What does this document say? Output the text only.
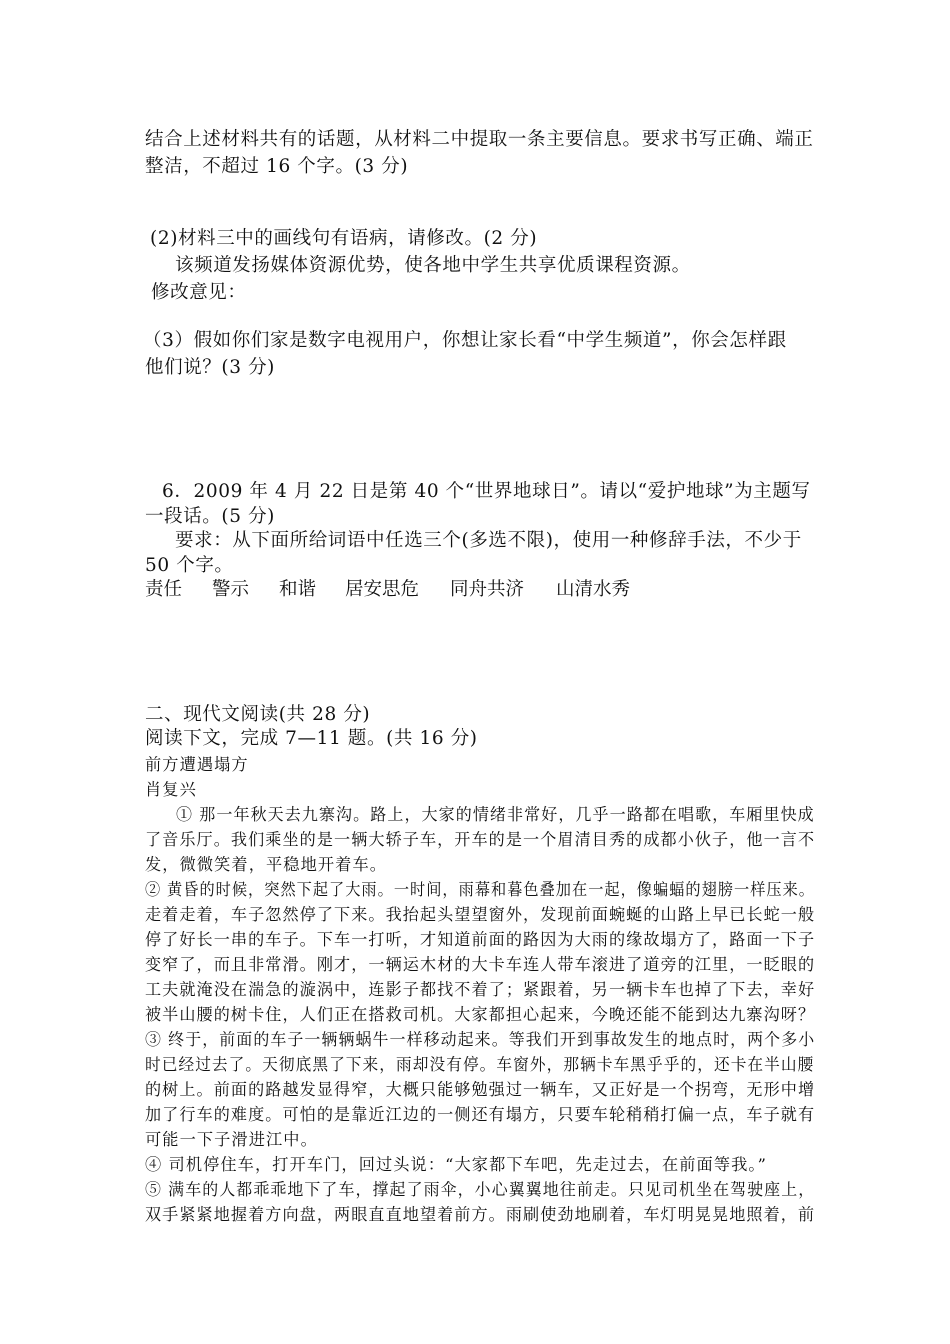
结合上述材料共有的话题，从材料二中提取一条主要信息。要求书写正确、端正
整洁，不超过 16 个字。(3 分)
(2)材料三中的画线句有语病，请修改。(2 分)
该频道发扬媒体资源优势，使各地中学生共享优质课程资源。
修改意见：
（3）假如你们家是数字电视用户，你想让家长看“中学生频道”，你会怎样跟
他们说？(3 分)
6．2009 年 4 月 22 日是第 40 个“世界地球日”。请以“爱护地球”为主题写
一段话。(5 分)
要求：从下面所给词语中任选三个(多选不限)，使用一种修辞手法，不少于
50 个字。
责任 警示 和谐 居安思危 同舟共济 山清水秀
二、现代文阅读(共 28 分)
阅读下文，完成 7—11 题。(共 16 分)
前方遭遇塌方
肖复兴
① 那一年秋天去九寨沟。路上，大家的情绪非常好，几乎一路都在唱歌，车厢里快成
了音乐厅。我们乘坐的是一辆大轿子车，开车的是一个眉清目秀的成都小伙子，他一言不
发，微微笑着，平稳地开着车。
② 黄昏的时候，突然下起了大雨。一时间，雨幕和暮色叠加在一起，像蝙蝠的翅膀一样压来。
走着走着，车子忽然停了下来。我抬起头望望窗外，发现前面蜿蜒的山路上早已长蛇一般
停了好长一串的车子。下车一打听，才知道前面的路因为大雨的缘故塌方了，路面一下子
变窄了，而且非常滑。刚才，一辆运木材的大卡车连人带车滚进了道旁的江里，一眨眼的
工夫就淹没在湍急的漩涡中，连影子都找不着了；紧跟着，另一辆卡车也掉了下去，幸好
被半山腰的树卡住，人们正在搭救司机。大家都担心起来，今晚还能不能到达九寨沟呀？
③ 终于，前面的车子一辆辆蜗牛一样移动起来。等我们开到事故发生的地点时，两个多小
时已经过去了。天彻底黑了下来，雨却没有停。车窗外，那辆卡车黑乎乎的，还卡在半山腰
的树上。前面的路越发显得窄，大概只能够勉强过一辆车，又正好是一个拐弯，无形中增
加了行车的难度。可怕的是靠近江边的一侧还有塌方，只要车轮稍稍打偏一点，车子就有
可能一下子滑进江中。
④ 司机停住车，打开车门，回过头说：“大家都下车吧，先走过去，在前面等我。”
⑤ 满车的人都乖乖地下了车，撑起了雨伞，小心翼翼地往前走。只见司机坐在驾驶座上，
双手紧紧地握着方向盘，两眼直直地望着前方。雨刷使劲地刷着，车灯明晃晃地照着，前
